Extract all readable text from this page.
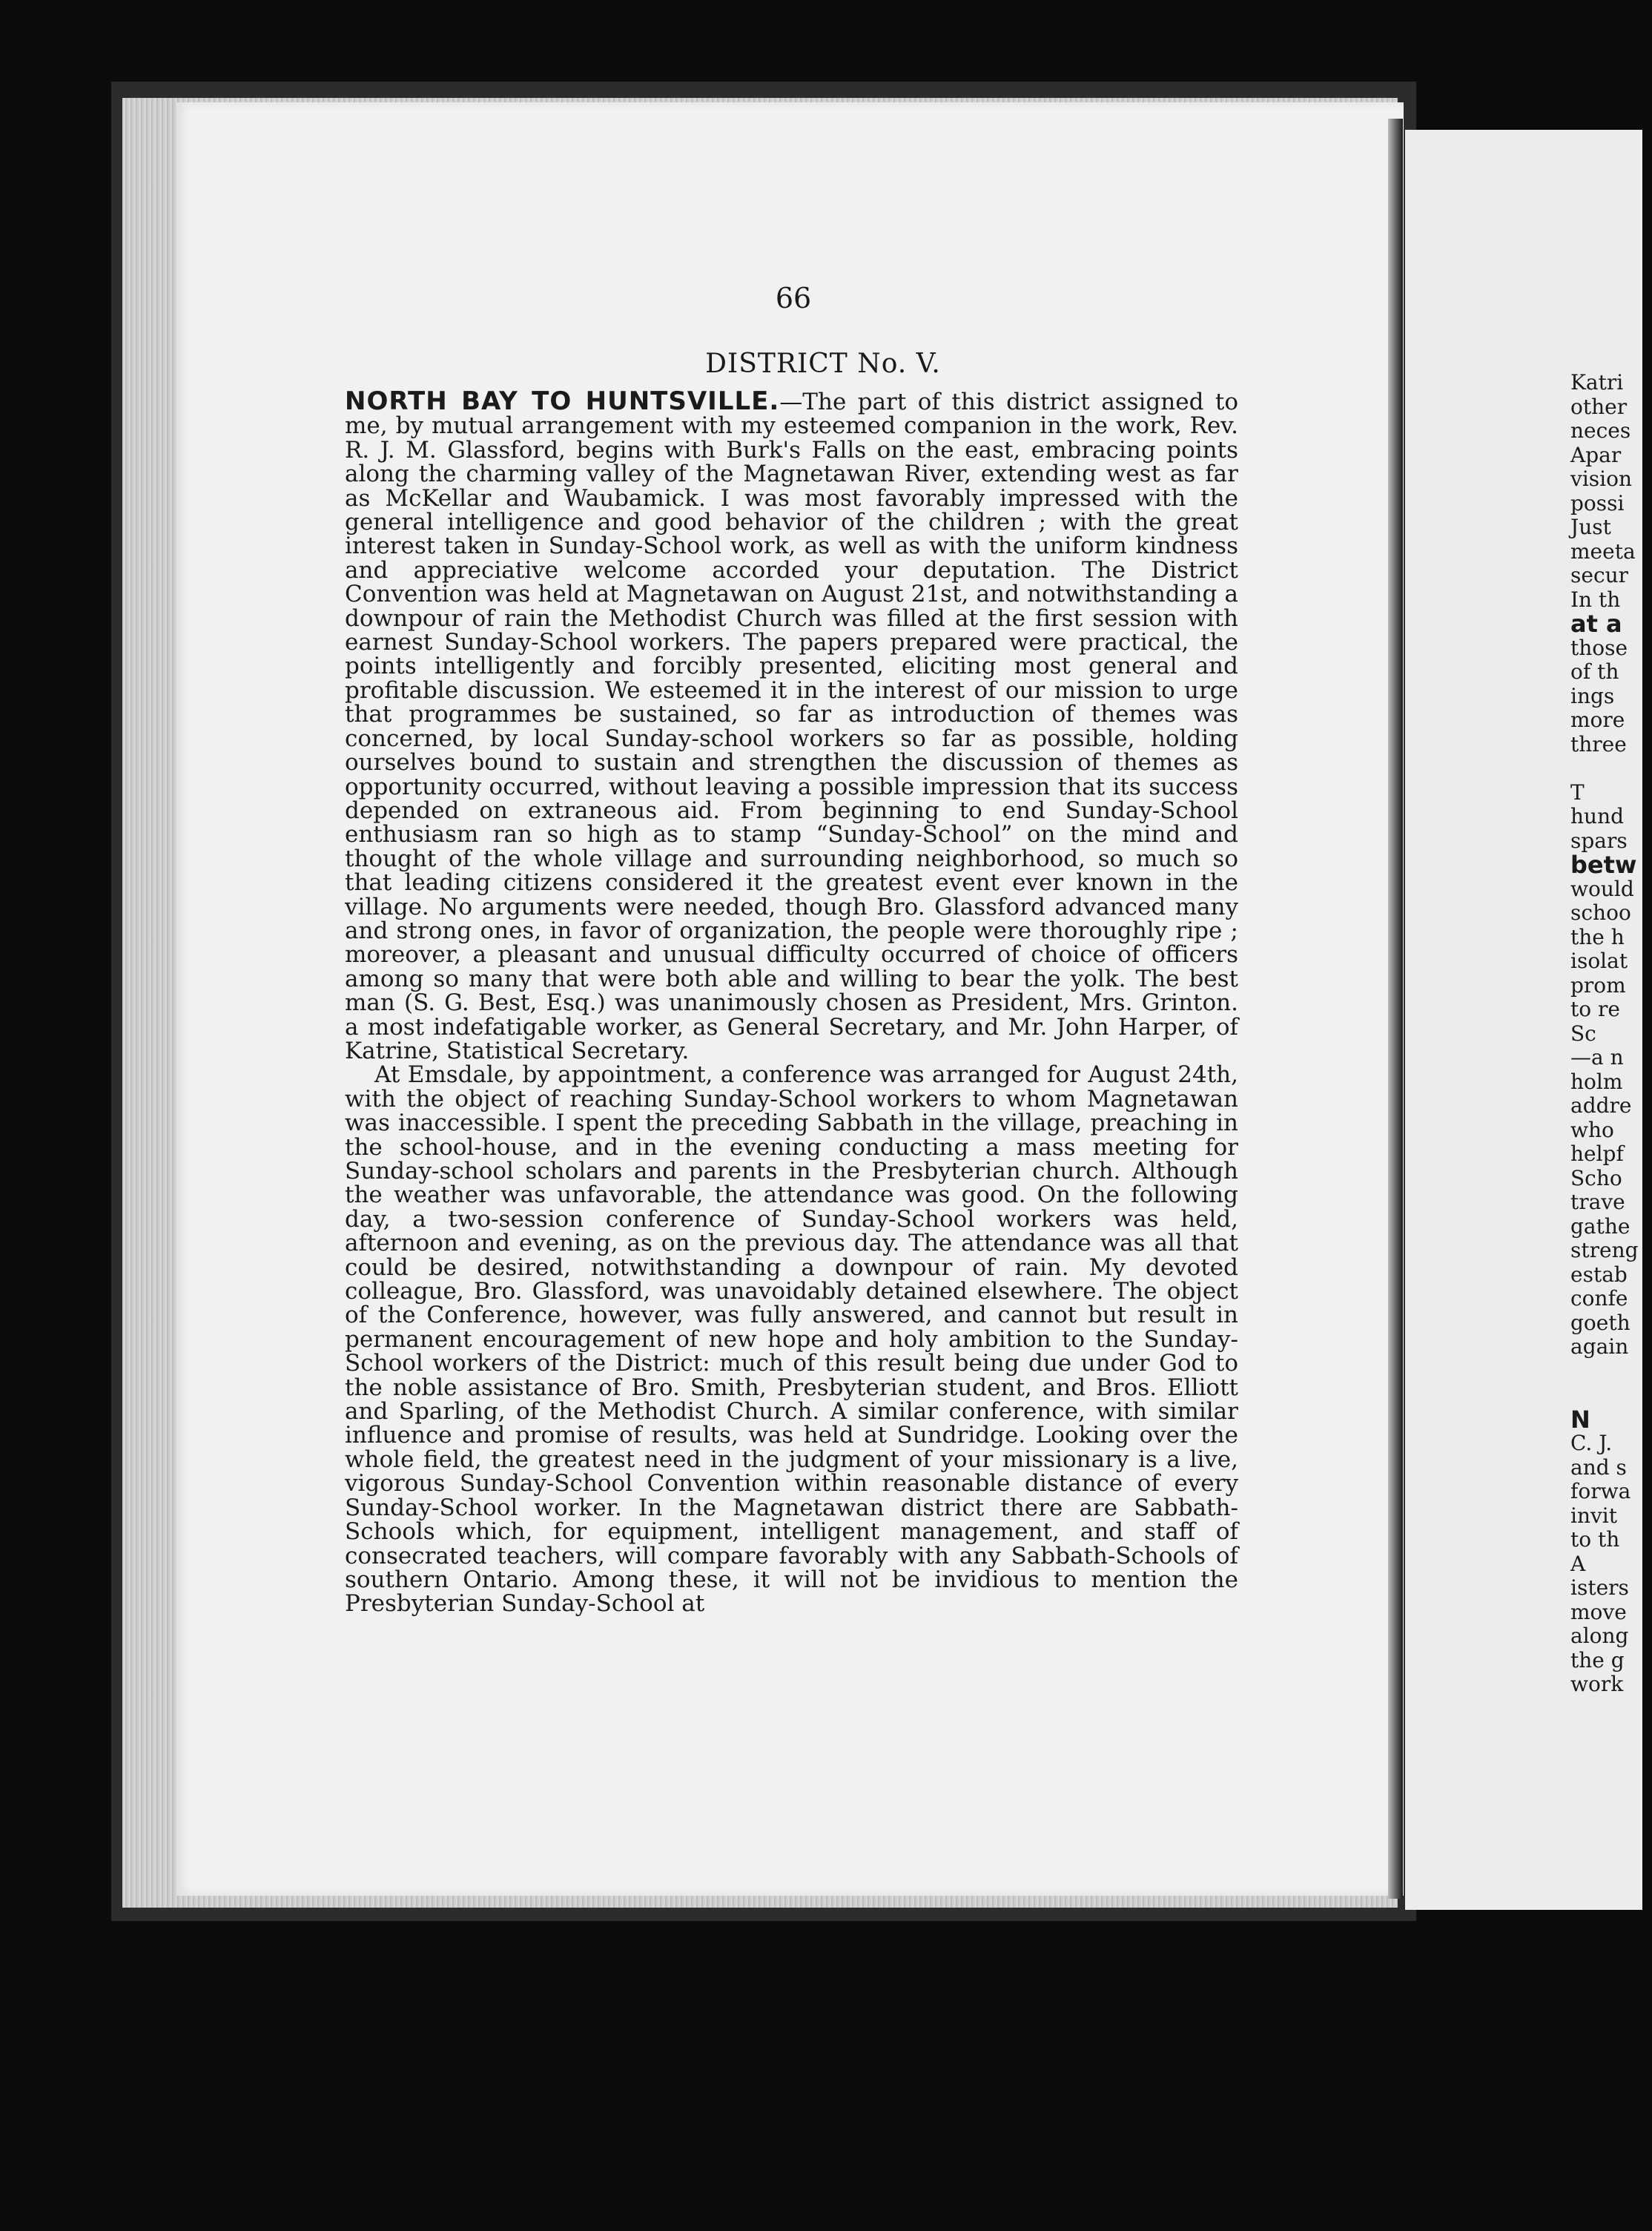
66
DISTRICT No. V.

NORTH BAY TO HUNTSVILLE.—The part of this district assigned to me, by mutual arrangement with my esteemed companion in the work, Rev. R. J. M. Glassford, begins with Burk's Falls on the east, embracing points along the charming valley of the Magnetawan River, extending west as far as McKellar and Waubamick. I was most favorably impressed with the general intelligence and good behavior of the children ; with the great interest taken in Sunday-School work, as well as with the uniform kindness and appreciative welcome accorded your deputation. The District Convention was held at Magnetawan on August 21st, and notwithstanding a downpour of rain the Methodist Church was filled at the first session with earnest Sunday-School workers. The papers prepared were practical, the points intelligently and forcibly presented, eliciting most general and profitable discussion. We esteemed it in the interest of our mission to urge that programmes be sustained, so far as introduction of themes was concerned, by local Sunday-school workers so far as possible, holding ourselves bound to sustain and strengthen the discussion of themes as opportunity occurred, without leaving a possible impression that its success depended on extraneous aid. From beginning to end Sunday-School enthusiasm ran so high as to stamp “Sunday-School” on the mind and thought of the whole village and surrounding neighborhood, so much so that leading citizens considered it the greatest event ever known in the village. No arguments were needed, though Bro. Glassford advanced many and strong ones, in favor of organization, the people were thoroughly ripe ; moreover, a pleasant and unusual difficulty occurred of choice of officers among so many that were both able and willing to bear the yolk. The best man (S. G. Best, Esq.) was unanimously chosen as President, Mrs. Grinton. a most indefatigable worker, as General Secretary, and Mr. John Harper, of Katrine, Statistical Secretary.

At Emsdale, by appointment, a conference was arranged for August 24th, with the object of reaching Sunday-School workers to whom Magnetawan was inaccessible. I spent the preceding Sabbath in the village, preaching in the school-house, and in the evening conducting a mass meeting for Sunday-school scholars and parents in the Presbyterian church. Although the weather was unfavorable, the attendance was good. On the following day, a two-session conference of Sunday-School workers was held, afternoon and evening, as on the previous day. The attendance was all that could be desired, notwithstanding a downpour of rain. My devoted colleague, Bro. Glassford, was unavoidably detained elsewhere. The object of the Conference, however, was fully answered, and cannot but result in permanent encouragement of new hope and holy ambition to the Sunday-School workers of the District: much of this result being due under God to the noble assistance of Bro. Smith, Presbyterian student, and Bros. Elliott and Sparling, of the Methodist Church. A similar conference, with similar influence and promise of results, was held at Sundridge. Looking over the whole field, the greatest need in the judgment of your missionary is a live, vigorous Sunday-School Convention within reasonable distance of every Sunday-School worker. In the Magnetawan district there are Sabbath-Schools which, for equipment, intelligent management, and staff of consecrated teachers, will compare favorably with any Sabbath-Schools of southern Ontario. Among these, it will not be invidious to mention the Presbyterian Sunday-School at

Katri
other
neces
Apar
vision
possi
Just
meeta
secur
In th
at a
those
of th
ings
more
three
T
hund
spars
betw
would
schoo
the h
isolat
prom
to re
Sc
—a n
holm
addre
who
helpf
Scho
trave
gathe
streng
estab
confe
goeth
again
N
C. J.
and s
forwa
invit
to th
A
isters
move
along
the g
work
